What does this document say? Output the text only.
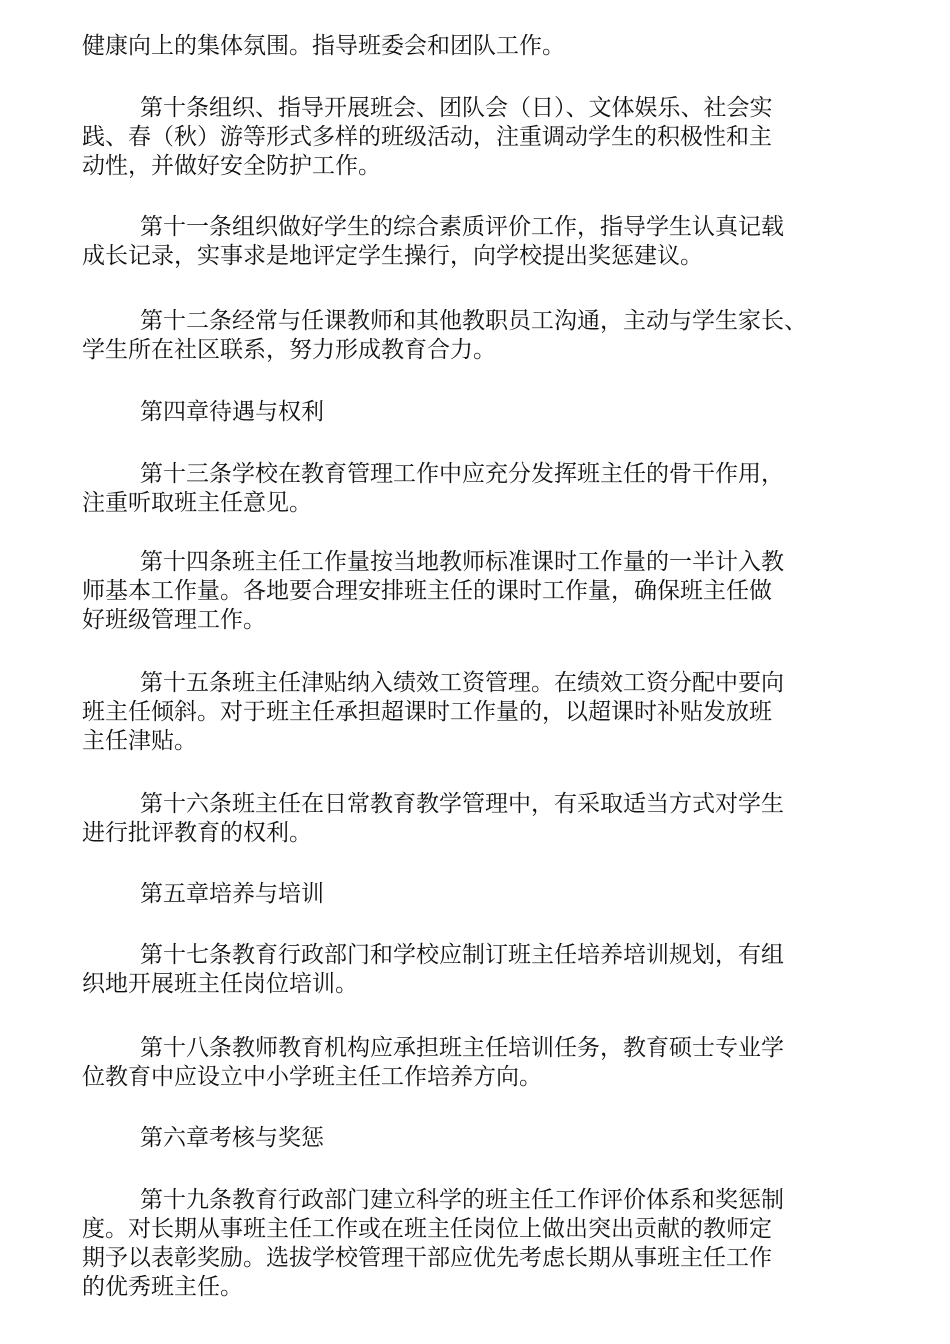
健康向上的集体氛围。指导班委会和团队工作。
第十条组织、指导开展班会、团队会（日）、文体娱乐、社会实
践、春（秋）游等形式多样的班级活动，注重调动学生的积极性和主
动性，并做好安全防护工作。
第十一条组织做好学生的综合素质评价工作，指导学生认真记载
成长记录，实事求是地评定学生操行，向学校提出奖惩建议。
第十二条经常与任课教师和其他教职员工沟通，主动与学生家长、
学生所在社区联系，努力形成教育合力。
第四章待遇与权利
第十三条学校在教育管理工作中应充分发挥班主任的骨干作用，
注重听取班主任意见。
第十四条班主任工作量按当地教师标准课时工作量的一半计入教
师基本工作量。各地要合理安排班主任的课时工作量，确保班主任做
好班级管理工作。
第十五条班主任津贴纳入绩效工资管理。在绩效工资分配中要向
班主任倾斜。对于班主任承担超课时工作量的，以超课时补贴发放班
主任津贴。
第十六条班主任在日常教育教学管理中，有采取适当方式对学生
进行批评教育的权利。
第五章培养与培训
第十七条教育行政部门和学校应制订班主任培养培训规划，有组
织地开展班主任岗位培训。
第十八条教师教育机构应承担班主任培训任务，教育硕士专业学
位教育中应设立中小学班主任工作培养方向。
第六章考核与奖惩
第十九条教育行政部门建立科学的班主任工作评价体系和奖惩制
度。对长期从事班主任工作或在班主任岗位上做出突出贡献的教师定
期予以表彰奖励。选拔学校管理干部应优先考虑长期从事班主任工作
的优秀班主任。
